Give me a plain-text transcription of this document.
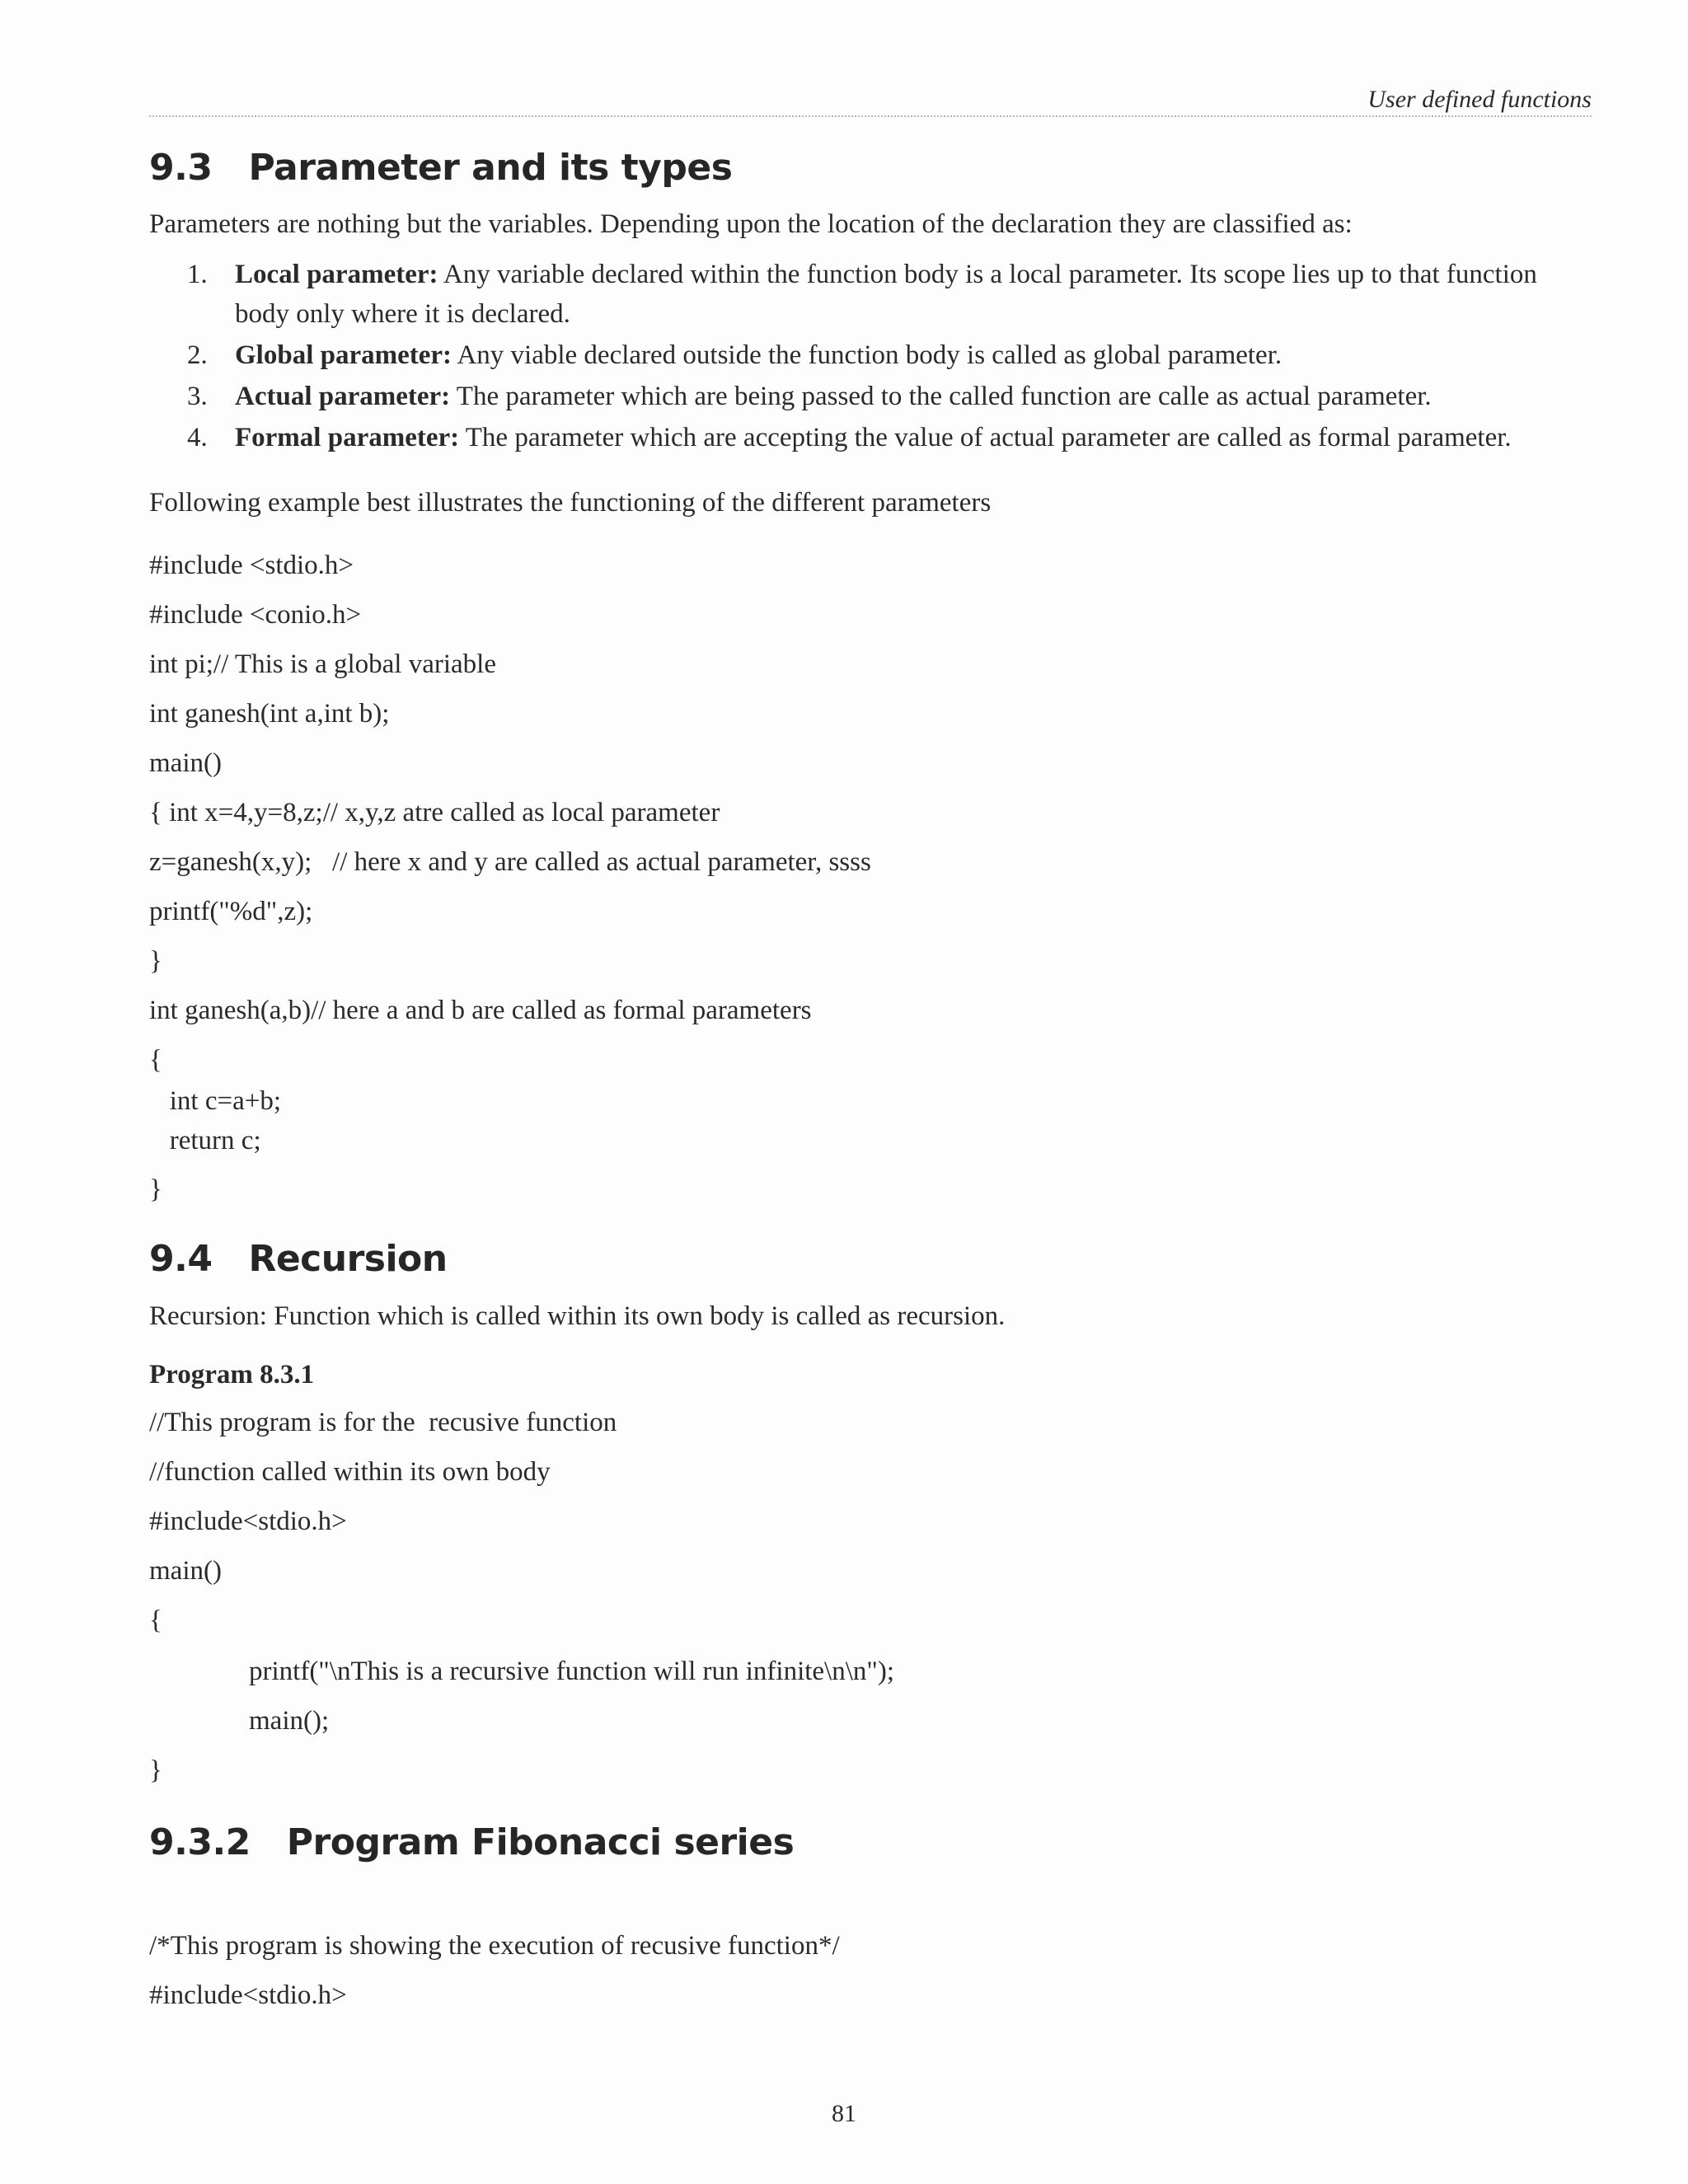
User defined functions
9.3 Parameter and its types

Parameters are nothing but the variables. Depending upon the location of the declaration they are classified as:

1. Local parameter: Any variable declared within the function body is a local parameter. Its scope lies up to that function body only where it is declared.
2. Global parameter: Any viable declared outside the function body is called as global parameter.
3. Actual parameter: The parameter which are being passed to the called function are calle as actual parameter.
4. Formal parameter: The parameter which are accepting the value of actual parameter are called as formal parameter.

Following example best illustrates the functioning of the different parameters

#include <stdio.h>
#include <conio.h>
int pi;// This is a global variable
int ganesh(int a,int b);
main()
{ int x=4,y=8,z;// x,y,z atre called as local parameter
z=ganesh(x,y);   // here x and y are called as actual parameter, ssss
printf("%d",z);
}
int ganesh(a,b)// here a and b are called as formal parameters
{
int c=a+b;
return c;
}
9.4 Recursion

Recursion: Function which is called within its own body is called as recursion.

Program 8.3.1

//This program is for the  recusive function
//function called within its own body
#include<stdio.h>
main()
{
printf("\nThis is a recursive function will run infinite\n\n");
main();
}
9.3.2 Program Fibonacci series
/*This program is showing the execution of recusive function*/
#include<stdio.h>
81
